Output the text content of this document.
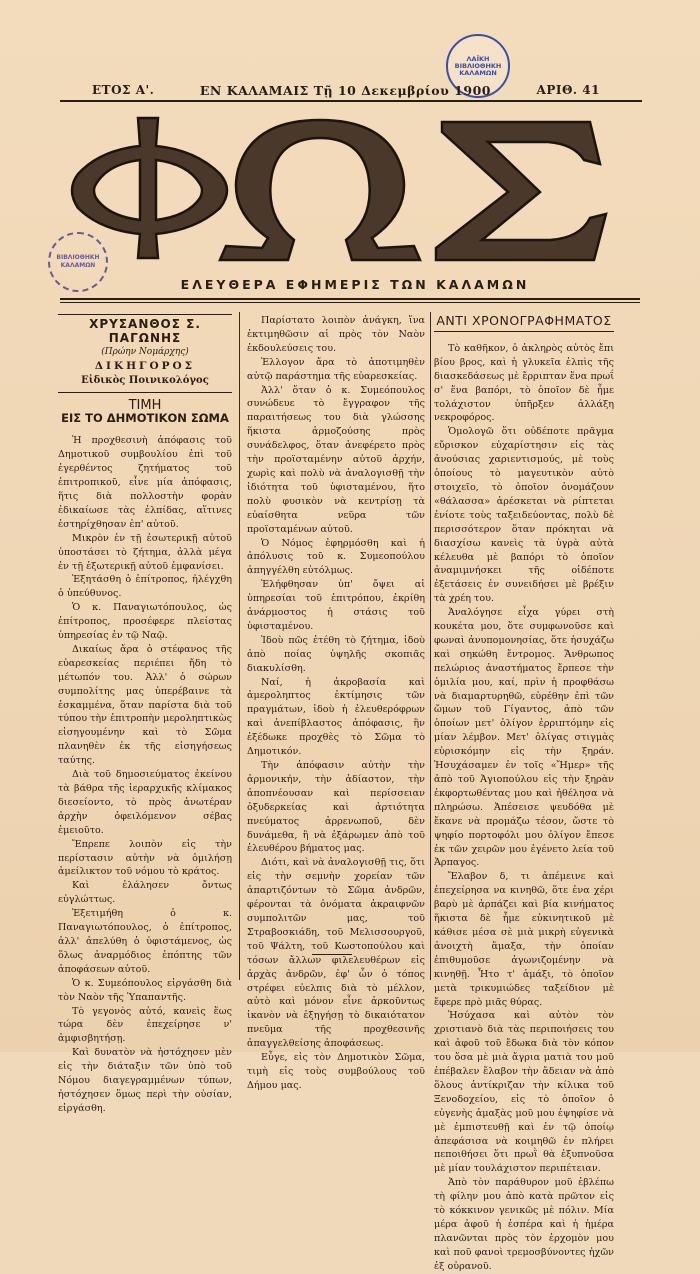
ΛΑΪΚΗ ΒΙΒΛΙΟΘΗΚΗ ΚΑΛΑΜΩΝ
ΒΙΒΛΙΟΘΗΚΗ ΚΑΛΑΜΩΝ
ΕΤΟΣ Α'.	ΕΝ ΚΑΛΑΜΑΙΣ Τῇ 10 Δεκεμβρίου 1900	ΑΡΙΘ. 41
ΕΛΕΥΘΕΡΑ ΕΦΗΜΕΡΙΣ ΤΩΝ ΚΑΛΑΜΩΝ
ΧΡΥΣΑΝΘΟΣ Σ. ΠΑΓΩΝΗΣ
(Πρώην Νομάρχης)
ΔΙΚΗΓΟΡΟΣ
Εἰδικὸς Ποινικολόγος
ΤΙΜΗ
ΕΙΣ ΤΟ ΔΗΜΟΤΙΚΟΝ ΣΩΜΑ

Ἡ προχθεσινὴ ἀπόφασις τοῦ Δημοτικοῦ συμβουλίου ἐπὶ τοῦ ἐγερθέντος ζητήματος τοῦ ἐπιτροπικοῦ, εἶνε μία ἀπόφασις, ἥτις διὰ πολλοστὴν φορὰν ἐδικαίωσε τὰς ἐλπίδας, αἵτινες ἐστηρίχθησαν ἐπ' αὐτοῦ.

Μικρὸν ἐν τῇ ἐσωτερικῇ αὐτοῦ ὑποστάσει τὸ ζήτημα, ἀλλὰ μέγα ἐν τῇ ἐξωτερικῇ αὐτοῦ ἐμφανίσει.

Ἐξητάσθη ὁ ἐπίτροπος, ἠλέγχθη ὁ ὑπεύθυνος.

Ὁ κ. Παναγιωτόπουλος, ὡς ἐπίτροπος, προσέφερε πλείστας ὑπηρεσίας ἐν τῷ Ναῷ.

Δικαίως ἄρα ὁ στέφανος τῆς εὐαρεσκείας περιέπει ἤδη τὸ μέτωπόν του. Ἀλλ' ὁ σώρων συμπολίτης μας ὑπερέβαινε τὰ ἐσκαμμένα, ὅταν παρίστα διὰ τοῦ τύπου τὴν ἐπιτροπὴν μεροληπτικὼς εἰσηγουμένην καὶ τὸ Σῶμα πλανηθὲν ἐκ τῆς εἰσηγήσεως ταύτης.

Διὰ τοῦ δημοσιεύματος ἐκείνου τὰ βάθρα τῆς ἱεραρχικῆς κλίμακος διεσείοντο, τὸ πρὸς ἀνωτέραν ἀρχὴν ὀφειλόμενον σέβας ἐμειοῦτο.

Ἔπρεπε λοιπὸν εἰς τὴν περίστασιν αὐτὴν νὰ ὁμιλήσῃ ἀμείλικτον τοῦ νόμου τὸ κράτος.

Καὶ ἐλάλησεν ὄντως εὐγλώττως.

Ἐξετιμήθη ὁ κ. Παναγιωτόπουλος, ὁ ἐπίτροπος, ἀλλ' ἀπελύθη ὁ ὑφιστάμενος, ὡς ὅλως ἀναρμόδιος ἐπόπτης τῶν ἀποφάσεων αὐτοῦ.

Ὁ κ. Συμεόπουλος εἰργάσθη διὰ τὸν Ναὸν τῆς Ὑπαπαντῆς.

Τὸ γεγονὸς αὐτό, κανεὶς ἕως τώρα δὲν ἐπεχείρησε ν' ἀμφισβητήσῃ.

Καὶ δυνατὸν νὰ ἠστόχησεν μὲν εἰς τὴν διάταξιν τῶν ὑπὸ τοῦ Νόμου διαγεγραμμένων τύπων, ἠστόχησεν ὅμως περὶ τὴν οὐσίαν, εἰργάσθη.

Παρίστατο λοιπὸν ἀνάγκη, ἵνα ἐκτιμηθῶσιν αἱ πρὸς τὸν Ναὸν ἐκδουλεύσεις του.

Ἐλλογον ἄρα τὸ ἀποτιμηθὲν αὐτῷ παράστημα τῆς εὐαρεσκείας.

Ἀλλ' ὅταν ὁ κ. Συμεόπουλος συνώδευε τὸ ἔγγραφον τῆς παραιτήσεως του διὰ γλώσσης ἥκιστα ἁρμοζούσης πρὸς συνάδελφος, ὅταν ἀνεφέρετο πρὸς τὴν προϊσταμένην αὐτοῦ ἀρχήν, χωρὶς καὶ πολὺ νὰ ἀναλογισθῇ τὴν ἰδιότητα τοῦ ὑφισταμένου, ἥτο πολὺ φυσικὸν νὰ κεντρίσῃ τὰ εὐαίσθητα νεῦρα τῶν προϊσταμένων αὐτοῦ.

Ὁ Νόμος ἐφηρμόσθη καὶ ἡ ἀπόλυσις τοῦ κ. Συμεοπούλου ἀπηγγέλθη εὐτόλμως.

Ἐλήφθησαν ὑπ' ὄψει αἱ ὑπηρεσίαι τοῦ ἐπιτρόπου, ἐκρίθη ἀνάρμοστος ἡ στάσις τοῦ ὑφισταμένου.

Ἰδοὺ πῶς ἐτέθη τὸ ζήτημα, ἰδοὺ ἀπὸ ποίας ὑψηλῆς σκοπιᾶς διακυλίσθη.

Ναί, ἡ ἀκροβασία καὶ ἀμεροληπτος ἐκτίμησις τῶν πραγμάτων, ἰδοὺ ἡ ἐλευθερόφρων καὶ ἀνεπίβλαστος ἀπόφασις, ἣν ἐξέδωκε προχθὲς τὸ Σῶμα τὸ Δημοτικόν.

Τὴν ἀπόφασιν αὐτὴν τὴν ἀρμονικήν, τὴν ἀδίαστον, τὴν ἀποπνέουσαν καὶ περίσσειαν ὀξυδερκείας καὶ ἀρτιότητα πνεύματος ἀρρενωποῦ, δὲν δυνάμεθα, ἢ νὰ ἐξάρωμεν ἀπὸ τοῦ ἐλευθέρου βήματος μας.

Διότι, καὶ νὰ ἀναλογισθῇ τις, ὅτι εἰς τὴν σεμνὴν χορείαν τῶν ἀπαρτιζόντων τὸ Σῶμα ἀνδρῶν, φέρονται τὰ ὀνόματα ἀκραιφνῶν συμπολιτῶν μας, τοῦ Στραβοσκιάδη, τοῦ Μελισσουργοῦ, τοῦ Ψάλτη, τοῦ Κωστοπούλου καὶ τόσων ἄλλων φιλελευθέρων εἰς ἀρχὰς ἀνδρῶν, ἐφ' ὧν ὁ τόπος στρέφει εὐελπις διὰ τὸ μέλλον, αὐτὸ καὶ μόνον εἶνε ἀρκοῦντως ἱκανὸν νὰ ἐξηγήσῃ τὸ δικαιότατον πνεῦμα τῆς προχθεσινῆς ἀπαγγελθείσης ἀποφάσεως.

Εὖγε, εἰς τὸν Δημοτικὸν Σῶμα, τιμὴ εἰς τοὺς συμβούλους τοῦ Δήμου μας.

ΑΝΤΙ ΧΡΟΝΟΓΡΑΦΗΜΑΤΟΣ

Τὸ καθῆκον, ὁ ἀκληρὸς αὐτὸς ἔπι βίου βρος, καὶ ἡ γλυκεῖα ἐλπὶς τῆς διασκεδάσεως μὲ ἔρριπταν ἕνα πρωΐ σ' ἕνα βαπόρι, τὸ ὁποῖον δὲ ἦμε τολάχιστον ὑπῆρξεν ἀλλάξη νεκροφόρος.

Ὁμολογῶ ὅτι οὐδέποτε πρᾶγμα εὔρισκον εὐχαρίστησιν εἰς τὰς ἀνούσιας χαριεντισμούς, μὲ τοὺς ὁποίους τὸ μαγευτικὸν αὐτὸ στοιχεῖο, τὸ ὁποῖον ὀνομάζουν «θάλασσα» ἀρέσκεται νὰ ρίπτεται ἐνίοτε τοὺς ταξειδεύοντας, πολὺ δὲ περισσότερον ὅταν πρόκηται νὰ διασχίσω κανεὶς τὰ ὑγρὰ αὐτὰ κέλευθα μὲ βαπόρι τὸ ὁποῖον ἀναμιμνήσκει τῆς οἰδέποτε ἐξετάσεις ἐν συνειδήσει μὲ βρέξιν τὰ χρέη του.

Ἀναλόγησε εἶχα γύρει στὴ κουκέτα μου, ὅτε συμφωνοῦσε καὶ φωναὶ ἀνυπομονησίας, ὅτε ἡσυχάζω καὶ σηκώθη ἔντρομος. Ἄνθρωπος πελώριος ἀναστήματος ἔρπεσε τὴν ὁμιλία μου, καί, πρὶν ἡ προφθάσω νὰ διαμαρτυρηθῶ, εὑρέθην ἐπὶ τῶν ὤμων τοῦ Γίγαντος, ἀπὸ τῶν ὁποίων μετ' ὀλίγον ἐρριπτόμην εἰς μίαν λέμβον. Μετ' ὀλίγας στιγμὰς εὑρισκόμην εἰς τὴν ξηράν. Ἡσυχάσαμεν ἐν τοῖς «Ἤμερ» τῆς ἀπὸ τοῦ Ἀγιοπούλου εἰς τὴν ξηρὰν ἐκφορτωθέντας μου καὶ ἠθέλησα νὰ πληρώσω. Ἀπέσεισε ψευδόθα μὲ ἔκανε νὰ προμάζω τέσον, ὥστε τὸ ψηφίο πορτοφόλι μου ὀλίγον ἔπεσε ἐκ τῶν χειρῶν μου ἐγένετο λεία τοῦ Ἀρπαγος.

Ἔλαβον δ, τι ἀπέμεινε καὶ ἐπεχείρησα να κινηθῶ, ὅτε ἐνα χέρι βαρὺ μὲ ἀρπάζει καὶ βία κινήματος ἥκιστα δὲ ἦμε εὐκινητικοῦ μὲ κάθισε μέσα σὲ μιὰ μικρὴ εὐγενικὰ ἀνοιχτὴ ἅμαξα, τὴν ὁποίαν ἐπιθυμοῦσε ἀγωνιζομένην νὰ κινηθῇ. Ἦτο τ' ἁμάξι, τὸ ὁποῖον μετὰ τρικυμιώδες ταξείδιον μὲ ἔφερε πρὸ μιᾶς θύρας.

Ἡσύχασα καὶ αὐτὸν τὸν χριστιανὸ διὰ τὰς περιποιήσεις του καὶ ἀφοῦ τοῦ ἔδωκα διὰ τὸν κόπον του ὅσα μὲ μιὰ ἄγρια ματιὰ του μοῦ ἐπέβαλεν ἔλαβον τὴν ἄδειαν νὰ ἀπὸ ὅλους ἀντίκριζαν τὴν κίλικα τοῦ Ξενοδοχείου, εἰς τὸ ὁποῖον ὁ εὐγενὴς ἁμαξὰς μοῦ μου ἐψηφίσε νὰ μὲ ἐμπιστευθῇ καὶ ἐν τῷ ὁποίῳ ἀπεφάσισα νὰ κοιμηθῶ ἐν πλήρει πεποιθήσει ὅτι πρωῒ θὰ ἐξυπνοῦσα μὲ μίαν τουλάχιστον περιπέτειαν.

Ἀπὸ τὸν παράθυρον μοῦ ἐβλέπω τὴ φίλην μου ἀπὸ κατὰ πρῶτον εἰς τὸ κόκκινον γενικῶς μὲ πόλιν. Μία μέρα ἀφοῦ ἡ ἐσπέρα καὶ ἡ ἡμέρα πλανῶνται πρὸς τὸν ἐρχομὸν μου καὶ ποῦ φανοὶ τρεμοσβύνοντες ἠχῶν ἐξ οὐρανοῦ.
